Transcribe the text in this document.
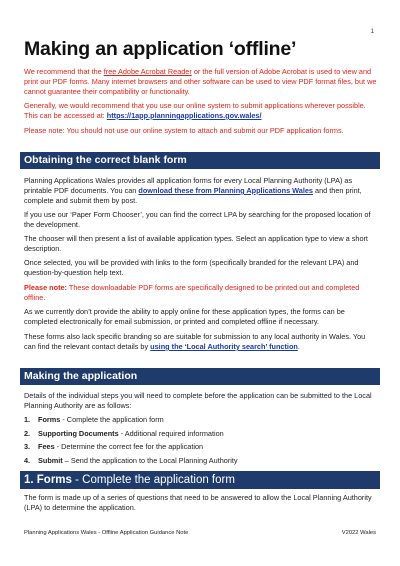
1
Making an application ‘offline’

We recommend that the free Adobe Acrobat Reader or the full version of Adobe Acrobat is used to view and print our PDF forms. Many internet browsers and other software can be used to view PDF format files, but we cannot guarantee their compatibility or functionality.

Generally, we would recommend that you use our online system to submit applications wherever possible. This can be accessed at: https://1app.planningapplications.gov.wales/

Please note: You should not use our online system to attach and submit our PDF application forms.

Obtaining the correct blank form

Planning Applications Wales provides all application forms for every Local Planning Authority (LPA) as printable PDF documents. You can download these from Planning Applications Wales and then print, complete and submit them by post.

If you use our ‘Paper Form Chooser’, you can find the correct LPA by searching for the proposed location of the development.

The chooser will then present a list of available application types. Select an application type to view a short description.

Once selected, you will be provided with links to the form (specifically branded for the relevant LPA) and question-by-question help text.

Please note: These downloadable PDF forms are specifically designed to be printed out and completed offline.

As we currently don’t provide the ability to apply online for these application types, the forms can be completed electronically for email submission, or printed and completed offline if necessary.

These forms also lack specific branding so are suitable for submission to any local authority in Wales. You can find the relevant contact details by using the ‘Local Authority search’ function.

Making the application

Details of the individual steps you will need to complete before the application can be submitted to the Local Planning Authority are as follows:

1. Forms - Complete the application form
2. Supporting Documents - Additional required information
3. Fees - Determine the correct fee for the application
4. Submit – Send the application to the Local Planning Authority
1. Forms - Complete the application form

The form is made up of a series of questions that need to be answered to allow the Local Planning Authority (LPA) to determine the application.

Planning Applications Wales - Offline Application Guidance Note	V2022 Wales
